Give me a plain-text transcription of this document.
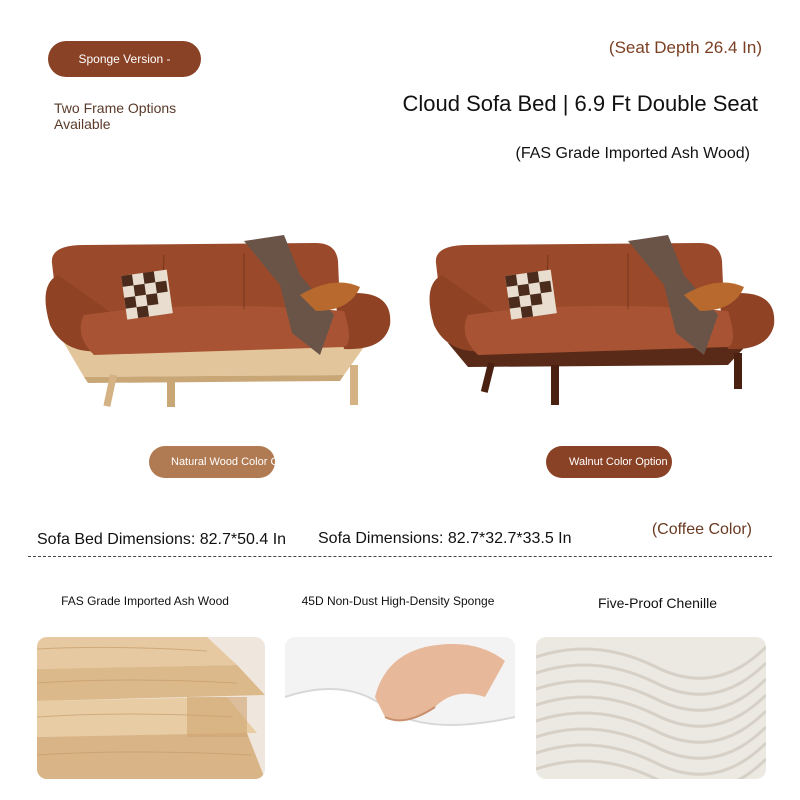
Sponge Version -
Two Frame Options Available
(Seat Depth 26.4 In)
Cloud Sofa Bed | 6.9 Ft Double Seat
(FAS Grade Imported Ash Wood)
Natural Wood Color Option	Walnut Color Option
Sofa Bed Dimensions: 82.7*50.4 In Sofa Dimensions: 82.7*32.7*33.5 In
(Coffee Color)
FAS Grade Imported Ash Wood	45D Non-Dust High-Density Sponge	Five-Proof Chenille
